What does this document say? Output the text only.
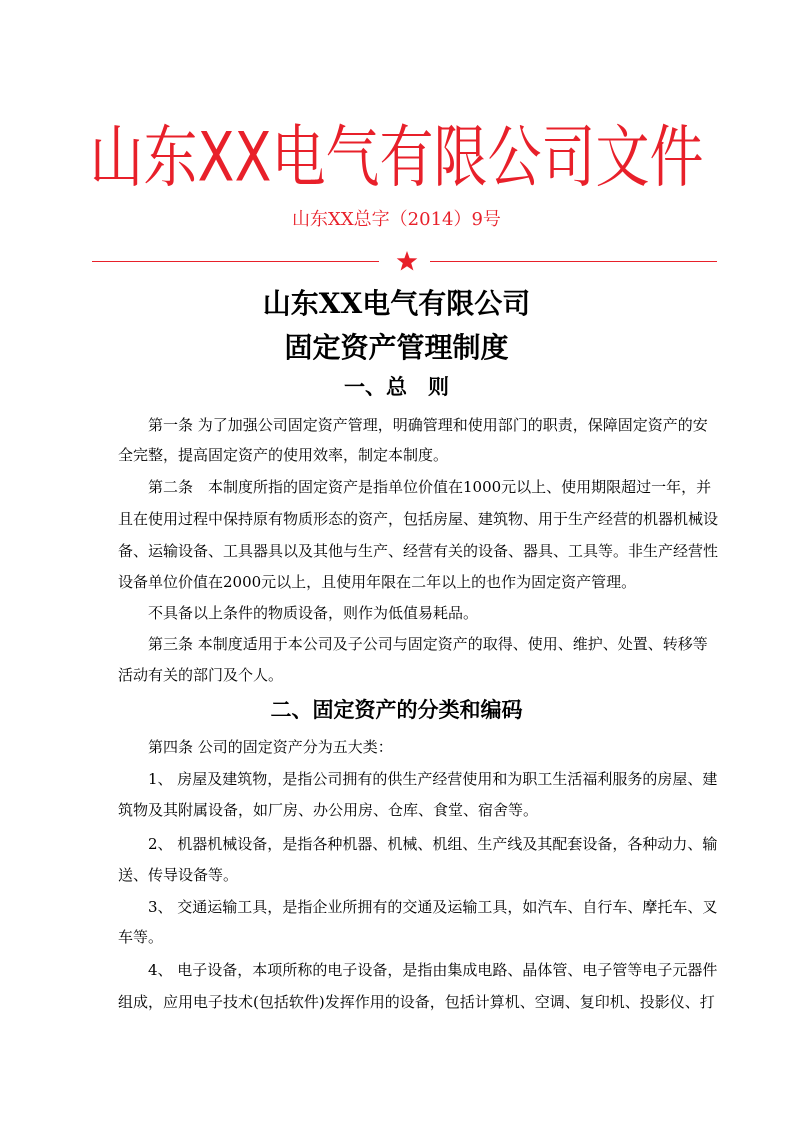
山东XX电气有限公司文件
山东XX总字（2014）9号
山东XX电气有限公司
固定资产管理制度
一、总　则
　　第一条 为了加强公司固定资产管理，明确管理和使用部门的职责，保障固定资产的安
全完整，提高固定资产的使用效率，制定本制度。
　　第二条　本制度所指的固定资产是指单位价值在1000元以上、使用期限超过一年，并
且在使用过程中保持原有物质形态的资产，包括房屋、建筑物、用于生产经营的机器机械设
备、运输设备、工具器具以及其他与生产、经营有关的设备、器具、工具等。非生产经营性
设备单位价值在2000元以上，且使用年限在二年以上的也作为固定资产管理。
　　不具备以上条件的物质设备，则作为低值易耗品。
　　第三条 本制度适用于本公司及子公司与固定资产的取得、使用、维护、处置、转移等
活动有关的部门及个人。
二、固定资产的分类和编码
　　第四条 公司的固定资产分为五大类：
　　1、 房屋及建筑物，是指公司拥有的供生产经营使用和为职工生活福利服务的房屋、建
筑物及其附属设备，如厂房、办公用房、仓库、食堂、宿舍等。
　　2、 机器机械设备，是指各种机器、机械、机组、生产线及其配套设备，各种动力、输
送、传导设备等。
　　3、 交通运输工具，是指企业所拥有的交通及运输工具，如汽车、自行车、摩托车、叉
车等。
　　4、 电子设备，本项所称的电子设备，是指由集成电路、晶体管、电子管等电子元器件
组成，应用电子技术(包括软件)发挥作用的设备，包括计算机、空调、复印机、投影仪、打
